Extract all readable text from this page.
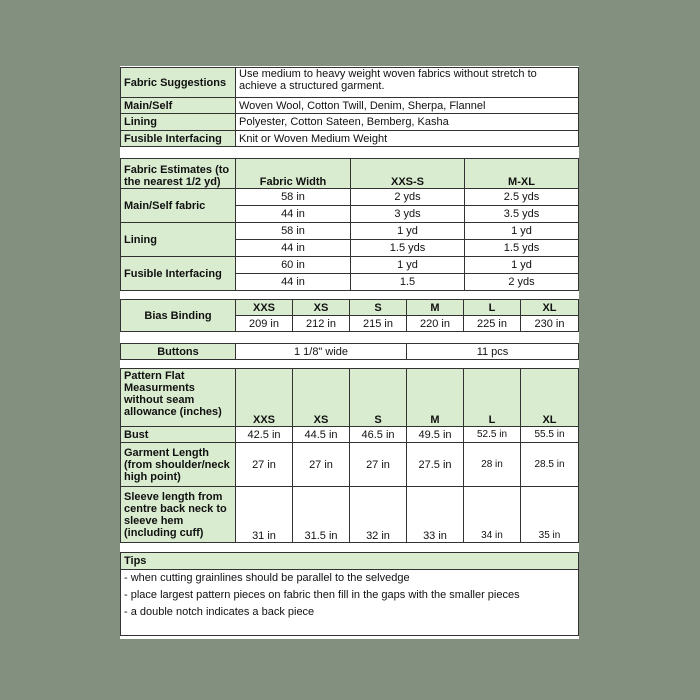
Fabric Suggestions	Use medium to heavy weight woven fabrics without stretch to achieve a structured garment.
Main/Self	Woven Wool, Cotton Twill, Denim, Sherpa, Flannel
Lining	Polyester, Cotton Sateen, Bemberg, Kasha
Fusible Interfacing	Knit or Woven Medium Weight
Fabric Estimates (to the nearest 1/2 yd)	Fabric Width	XXS-S	M-XL
Main/Self fabric	58 in	2 yds	2.5 yds
	44 in	3 yds	3.5 yds
Lining	58 in	1 yd	1 yd
	44 in	1.5 yds	1.5 yds
Fusible Interfacing	60 in	1 yd	1 yd
	44 in	1.5	2 yds
Bias Binding	XXS	XS	S	M	L	XL
	209 in	212 in	215 in	220 in	225 in	230 in
Buttons	1 1/8" wide	11 pcs
Pattern Flat Measurments without seam allowance (inches)	XXS	XS	S	M	L	XL
Bust	42.5 in	44.5 in	46.5 in	49.5 in	52.5 in	55.5 in
Garment Length (from shoulder/neck high point)	27 in	27 in	27 in	27.5 in	28 in	28.5 in
Sleeve length from centre back neck to sleeve hem (including cuff)	31 in	31.5 in	32 in	33 in	34 in	35 in
Tips

- when cutting grainlines should be parallel to the selvedge
- place largest pattern pieces on fabric then fill in the gaps with the smaller pieces
- a double notch indicates a back piece
